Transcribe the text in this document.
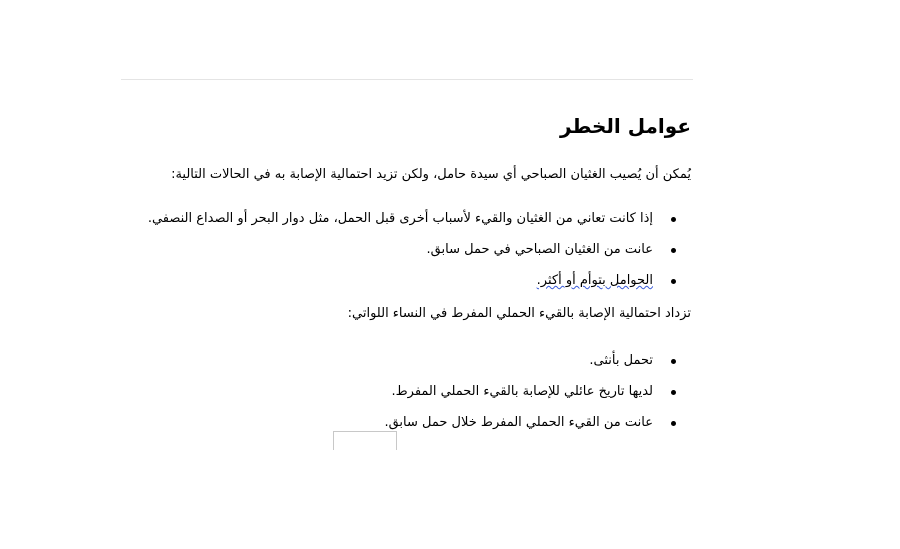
عوامل الخطر

يُمكن أن يُصيب الغثيان الصباحي أي سيدة حامل، ولكن تزيد احتمالية الإصابة به في الحالات التالية:

إذا كانت تعاني من الغثيان والقيء لأسباب أخرى قبل الحمل، مثل دوار البحر أو الصداع النصفي.
عانت من الغثيان الصباحي في حمل سابق.
الحوامل بتوأم أو أكثر.

تزداد احتمالية الإصابة بالقيء الحملي المفرط في النساء اللواتي:

تحمل بأنثى.
لديها تاريخ عائلي للإصابة بالقيء الحملي المفرط.
عانت من القيء الحملي المفرط خلال حمل سابق.
